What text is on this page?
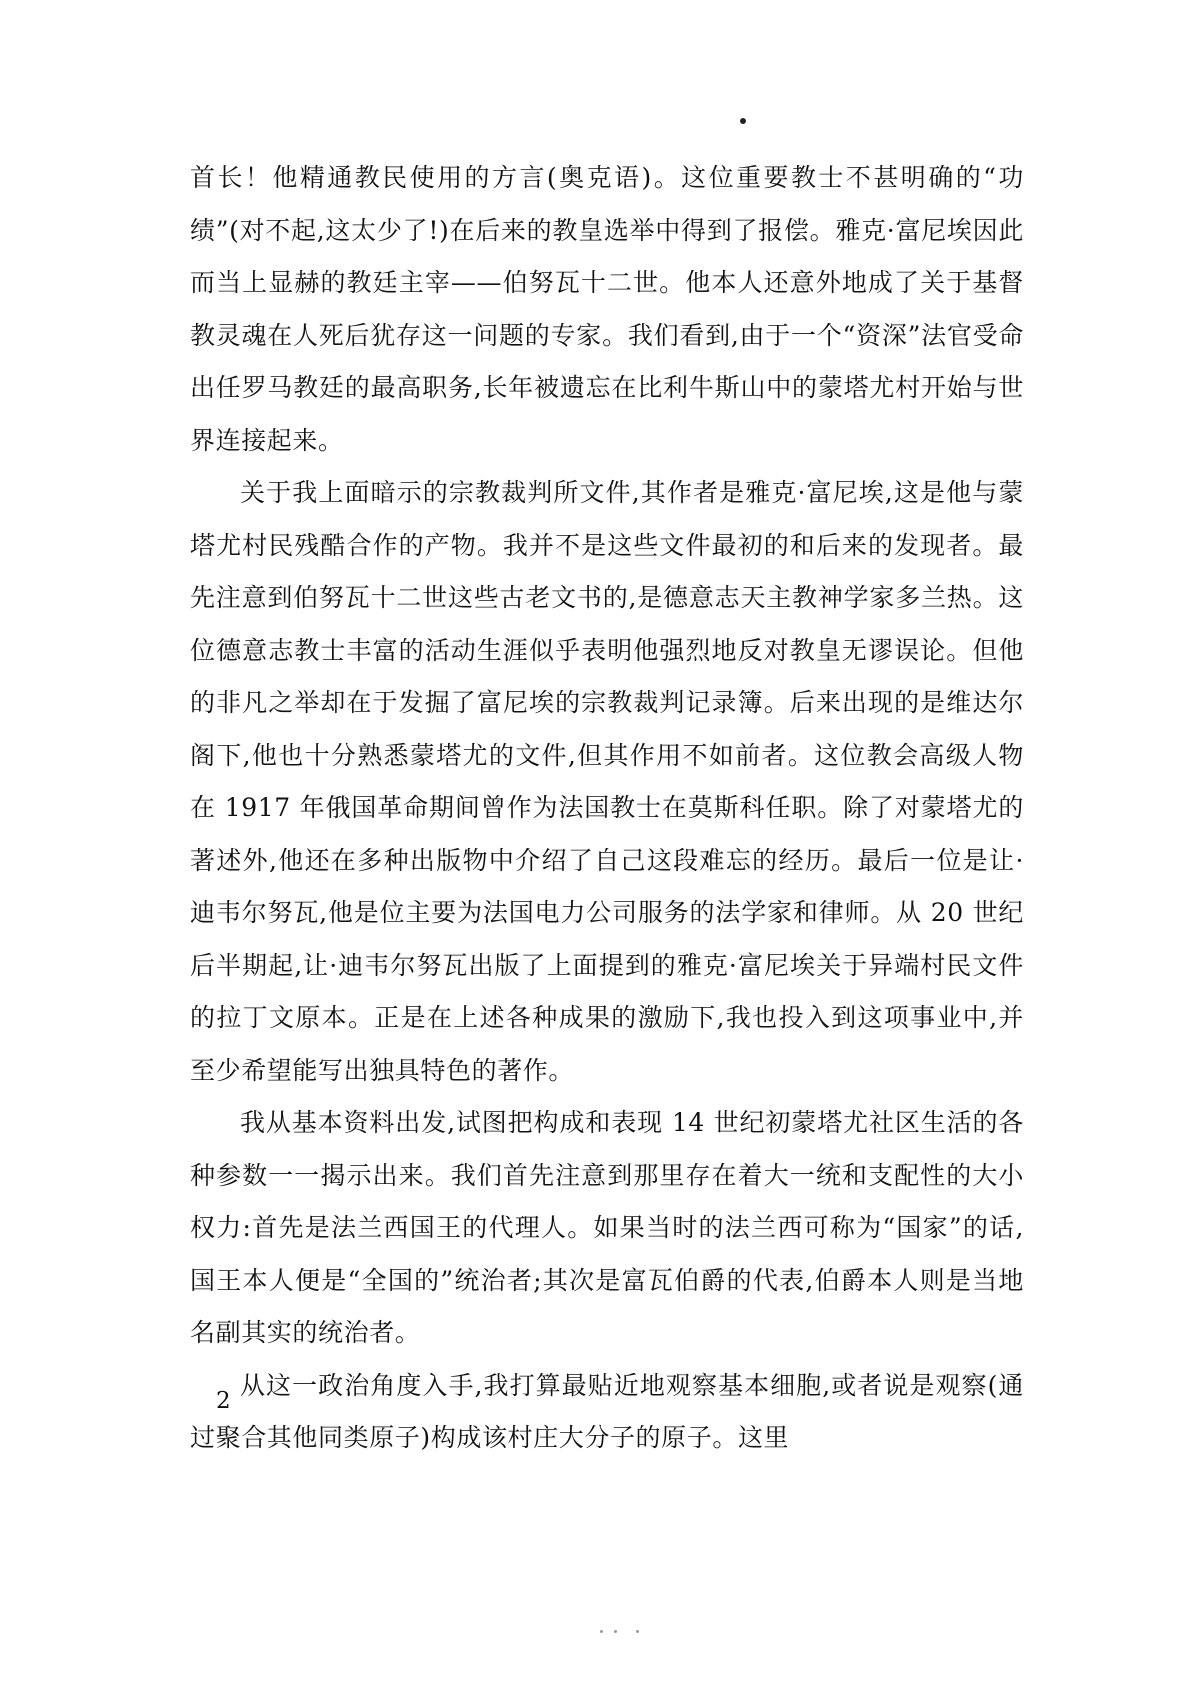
首长！他精通教民使用的方言(奥克语)。这位重要教士不甚明确的“功绩”(对不起,这太少了!)在后来的教皇选举中得到了报偿。雅克·富尼埃因此而当上显赫的教廷主宰——伯努瓦十二世。他本人还意外地成了关于基督教灵魂在人死后犹存这一问题的专家。我们看到,由于一个“资深”法官受命出任罗马教廷的最高职务,长年被遗忘在比利牛斯山中的蒙塔尤村开始与世界连接起来。

关于我上面暗示的宗教裁判所文件,其作者是雅克·富尼埃,这是他与蒙塔尤村民残酷合作的产物。我并不是这些文件最初的和后来的发现者。最先注意到伯努瓦十二世这些古老文书的,是德意志天主教神学家多兰热。这位德意志教士丰富的活动生涯似乎表明他强烈地反对教皇无谬误论。但他的非凡之举却在于发掘了富尼埃的宗教裁判记录簿。后来出现的是维达尔阁下,他也十分熟悉蒙塔尤的文件,但其作用不如前者。这位教会高级人物在 1917 年俄国革命期间曾作为法国教士在莫斯科任职。除了对蒙塔尤的著述外,他还在多种出版物中介绍了自己这段难忘的经历。最后一位是让·迪韦尔努瓦,他是位主要为法国电力公司服务的法学家和律师。从 20 世纪后半期起,让·迪韦尔努瓦出版了上面提到的雅克·富尼埃关于异端村民文件的拉丁文原本。正是在上述各种成果的激励下,我也投入到这项事业中,并至少希望能写出独具特色的著作。

我从基本资料出发,试图把构成和表现 14 世纪初蒙塔尤社区生活的各种参数一一揭示出来。我们首先注意到那里存在着大一统和支配性的大小权力:首先是法兰西国王的代理人。如果当时的法兰西可称为“国家”的话,国王本人便是“全国的”统治者;其次是富瓦伯爵的代表,伯爵本人则是当地名副其实的统治者。

从这一政治角度入手,我打算最贴近地观察基本细胞,或者说是观察(通过聚合其他同类原子)构成该村庄大分子的原子。这里

2
